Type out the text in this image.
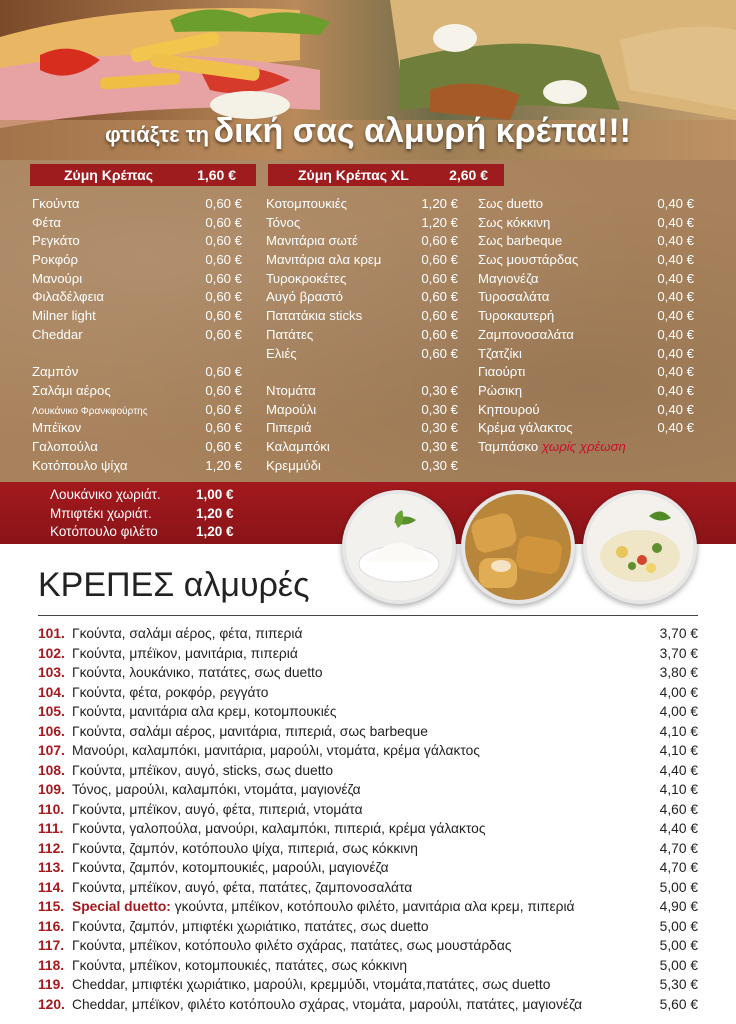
φτιάξτε τη δική σας αλμυρή κρέπα!!!
Ζύμη Κρέπας	1,60 €	Ζύμη Κρέπας XL	2,60 €
Γκούντα	0,60 €
Φέτα	0,60 €
Ρεγκάτο	0,60 €
Ροκφόρ	0,60 €
Μανούρι	0,60 €
Φιλαδέλφεια	0,60 €
Milner light	0,60 €
Cheddar	0,60 €
Ζαμπόν	0,60 €
Σαλάμι αέρος	0,60 €
Λουκάνικο Φρανκφούρτης	0,60 €
Μπέϊκον	0,60 €
Γαλοπούλα	0,60 €
Κοτόπουλο ψίχα	1,20 €
Κοτομπουκιές	1,20 €
Τόνος	1,20 €
Μανιτάρια σωτέ	0,60 €
Μανιτάρια αλα κρεμ	0,60 €
Τυροκροκέτες	0,60 €
Αυγό βραστό	0,60 €
Πατατάκια sticks	0,60 €
Πατάτες	0,60 €
Ελιές	0,60 €
Ντομάτα	0,30 €
Μαρούλι	0,30 €
Πιπεριά	0,30 €
Καλαμπόκι	0,30 €
Κρεμμύδι	0,30 €
Σως duetto	0,40 €
Σως κόκκινη	0,40 €
Σως barbeque	0,40 €
Σως μουστάρδας	0,40 €
Μαγιονέζα	0,40 €
Τυροσαλάτα	0,40 €
Τυροκαυτερή	0,40 €
Ζαμπονοσαλάτα	0,40 €
Τζατζίκι	0,40 €
Γιαούρτι	0,40 €
Ρώσικη	0,40 €
Κηπουρού	0,40 €
Κρέμα γάλακτος	0,40 €
Ταμπάσκο χωρίς χρέωση
Λουκάνικο χωριάτ.	1,00 €
Μπιφτέκι χωριάτ.	1,20 €
Κοτόπουλο φιλέτο	1,20 €
ΚΡΕΠΕΣ αλμυρές
101. Γκούντα, σαλάμι αέρος, φέτα, πιπεριά	3,70 €
102. Γκούντα, μπέϊκον, μανιτάρια, πιπεριά	3,70 €
103. Γκούντα, λουκάνικο, πατάτες, σως duetto	3,80 €
104. Γκούντα, φέτα, ροκφόρ, ρεγγάτο	4,00 €
105. Γκούντα, μανιτάρια αλα κρεμ, κοτομπουκιές	4,00 €
106. Γκούντα, σαλάμι αέρος, μανιτάρια, πιπεριά, σως barbeque	4,10 €
107. Μανούρι, καλαμπόκι, μανιτάρια, μαρούλι, ντομάτα, κρέμα γάλακτος	4,10 €
108. Γκούντα, μπέϊκον, αυγό, sticks, σως duetto	4,40 €
109. Τόνος, μαρούλι, καλαμπόκι, ντομάτα, μαγιονέζα	4,10 €
110. Γκούντα, μπέϊκον, αυγό, φέτα, πιπεριά, ντομάτα	4,60 €
111. Γκούντα, γαλοπούλα, μανούρι, καλαμπόκι, πιπεριά, κρέμα γάλακτος	4,40 €
112. Γκούντα, ζαμπόν, κοτόπουλο ψίχα, πιπεριά, σως κόκκινη	4,70 €
113. Γκούντα, ζαμπόν, κοτομπουκιές, μαρούλι, μαγιονέζα	4,70 €
114. Γκούντα, μπέϊκον, αυγό, φέτα, πατάτες, ζαμπονοσαλάτα	5,00 €
115. Special duetto: γκούντα, μπέϊκον, κοτόπουλο φιλέτο, μανιτάρια αλα κρεμ, πιπεριά	4,90 €
116. Γκούντα, ζαμπόν, μπιφτέκι χωριάτικο, πατάτες, σως duetto	5,00 €
117. Γκούντα, μπέϊκον, κοτόπουλο φιλέτο σχάρας, πατάτες, σως μουστάρδας	5,00 €
118. Γκούντα, μπέϊκον, κοτομπουκιές, πατάτες, σως κόκκινη	5,00 €
119. Cheddar, μπιφτέκι χωριάτικο, μαρούλι, κρεμμύδι, ντομάτα,πατάτες, σως duetto	5,30 €
120. Cheddar, μπέϊκον, φιλέτο κοτόπουλο σχάρας, ντομάτα, μαρούλι, πατάτες, μαγιονέζα	5,60 €
